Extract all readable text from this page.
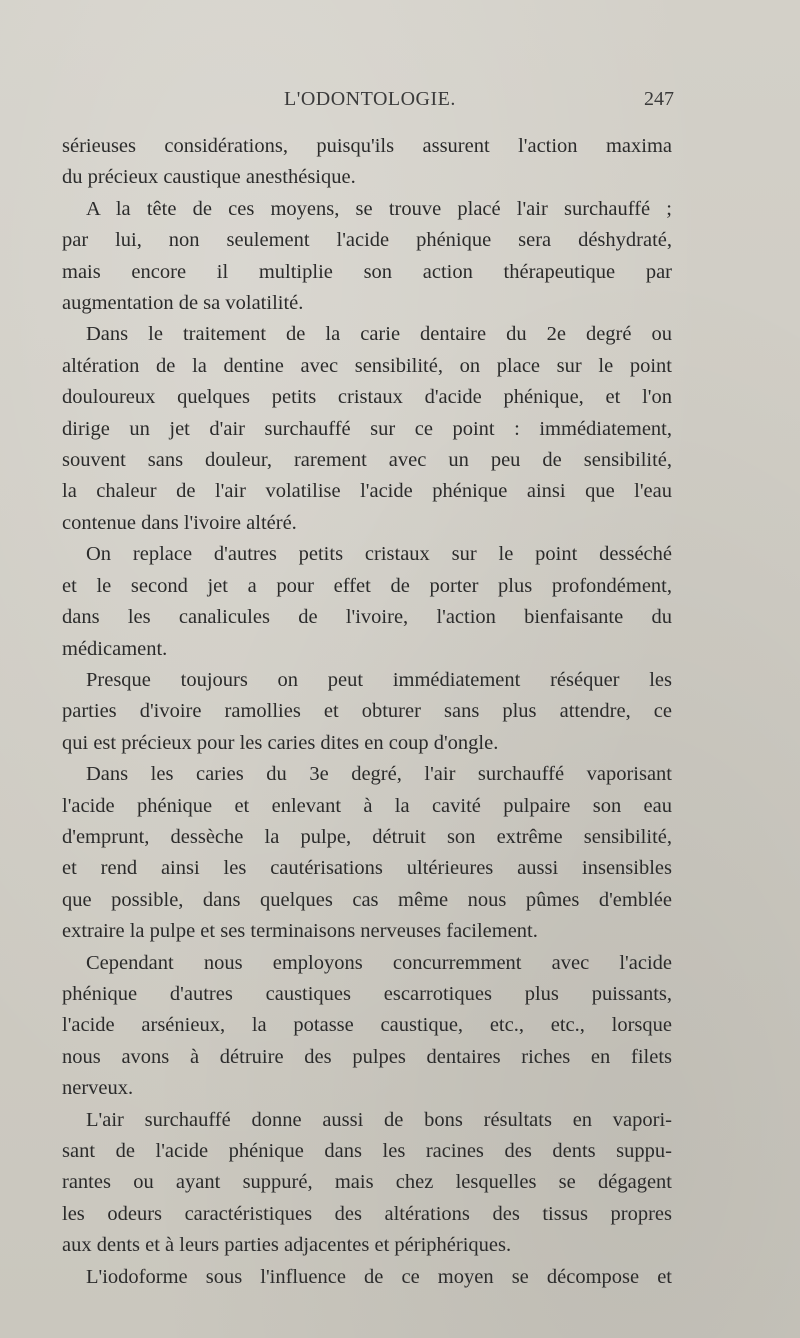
L'ODONTOLOGIE.	247

sérieuses considérations, puisqu'ils assurent l'action maxima
du précieux caustique anesthésique.

A la tête de ces moyens, se trouve placé l'air surchauffé ;
par lui, non seulement l'acide phénique sera déshydraté,
mais encore il multiplie son action thérapeutique par
augmentation de sa volatilité.

Dans le traitement de la carie dentaire du 2e degré ou
altération de la dentine avec sensibilité, on place sur le point
douloureux quelques petits cristaux d'acide phénique, et l'on
dirige un jet d'air surchauffé sur ce point : immédiatement,
souvent sans douleur, rarement avec un peu de sensibilité,
la chaleur de l'air volatilise l'acide phénique ainsi que l'eau
contenue dans l'ivoire altéré.

On replace d'autres petits cristaux sur le point desséché
et le second jet a pour effet de porter plus profondément,
dans les canalicules de l'ivoire, l'action bienfaisante du
médicament.

Presque toujours on peut immédiatement réséquer les
parties d'ivoire ramollies et obturer sans plus attendre, ce
qui est précieux pour les caries dites en coup d'ongle.

Dans les caries du 3e degré, l'air surchauffé vaporisant
l'acide phénique et enlevant à la cavité pulpaire son eau
d'emprunt, dessèche la pulpe, détruit son extrême sensibilité,
et rend ainsi les cautérisations ultérieures aussi insensibles
que possible, dans quelques cas même nous pûmes d'emblée
extraire la pulpe et ses terminaisons nerveuses facilement.

Cependant nous employons concurremment avec l'acide
phénique d'autres caustiques escarrotiques plus puissants,
l'acide arsénieux, la potasse caustique, etc., etc., lorsque
nous avons à détruire des pulpes dentaires riches en filets
nerveux.

L'air surchauffé donne aussi de bons résultats en vapori-
sant de l'acide phénique dans les racines des dents suppu-
rantes ou ayant suppuré, mais chez lesquelles se dégagent
les odeurs caractéristiques des altérations des tissus propres
aux dents et à leurs parties adjacentes et périphériques.

L'iodoforme sous l'influence de ce moyen se décompose et
